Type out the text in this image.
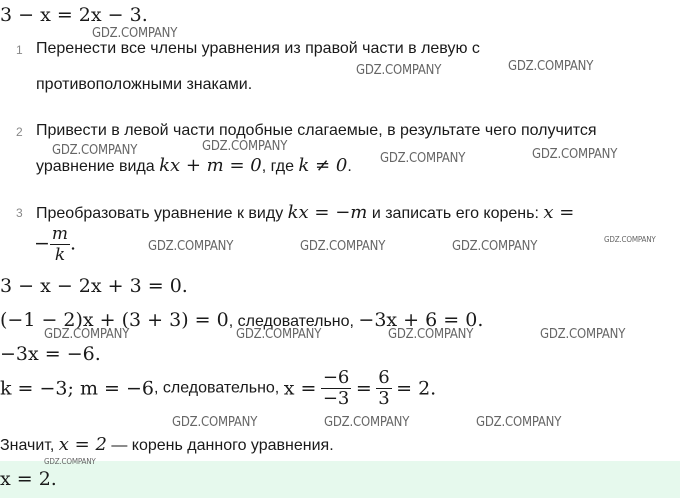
3 − x = 2x − 3.
1 Перенести все члены уравнения из правой части в левую с
противоположными знаками.
2 Привести в левой части подобные слагаемые, в результате чего получится
уравнение вида kx + m = 0, где k ≠ 0.
3 Преобразовать уравнение к виду kx = −m и записать его корень: x =
− $\frac{m}{k}$ .
3 − x − 2x + 3 = 0.
(−1 − 2)x + (3 + 3) = 0, следовательно, −3x + 6 = 0.
−3x = −6.
k = −3; m = −6, следовательно, $x = \frac{-6}{-3} = \frac{6}{3} = 2$.
Значит, x = 2 — корень данного уравнения.
x = 2.
GDZ.COMPANY
GDZ.COMPANY	GDZ.COMPANY
GDZ.COMPANY	GDZ.COMPANY
GDZ.COMPANY	GDZ.COMPANY
GDZ.COMPANY	GDZ.COMPANY	GDZ.COMPANY	GDZ.COMPANY
GDZ.COMPANY	GDZ.COMPANY	GDZ.COMPANY	GDZ.COMPANY
GDZ.COMPANY	GDZ.COMPANY	GDZ.COMPANY
GDZ.COMPANY
